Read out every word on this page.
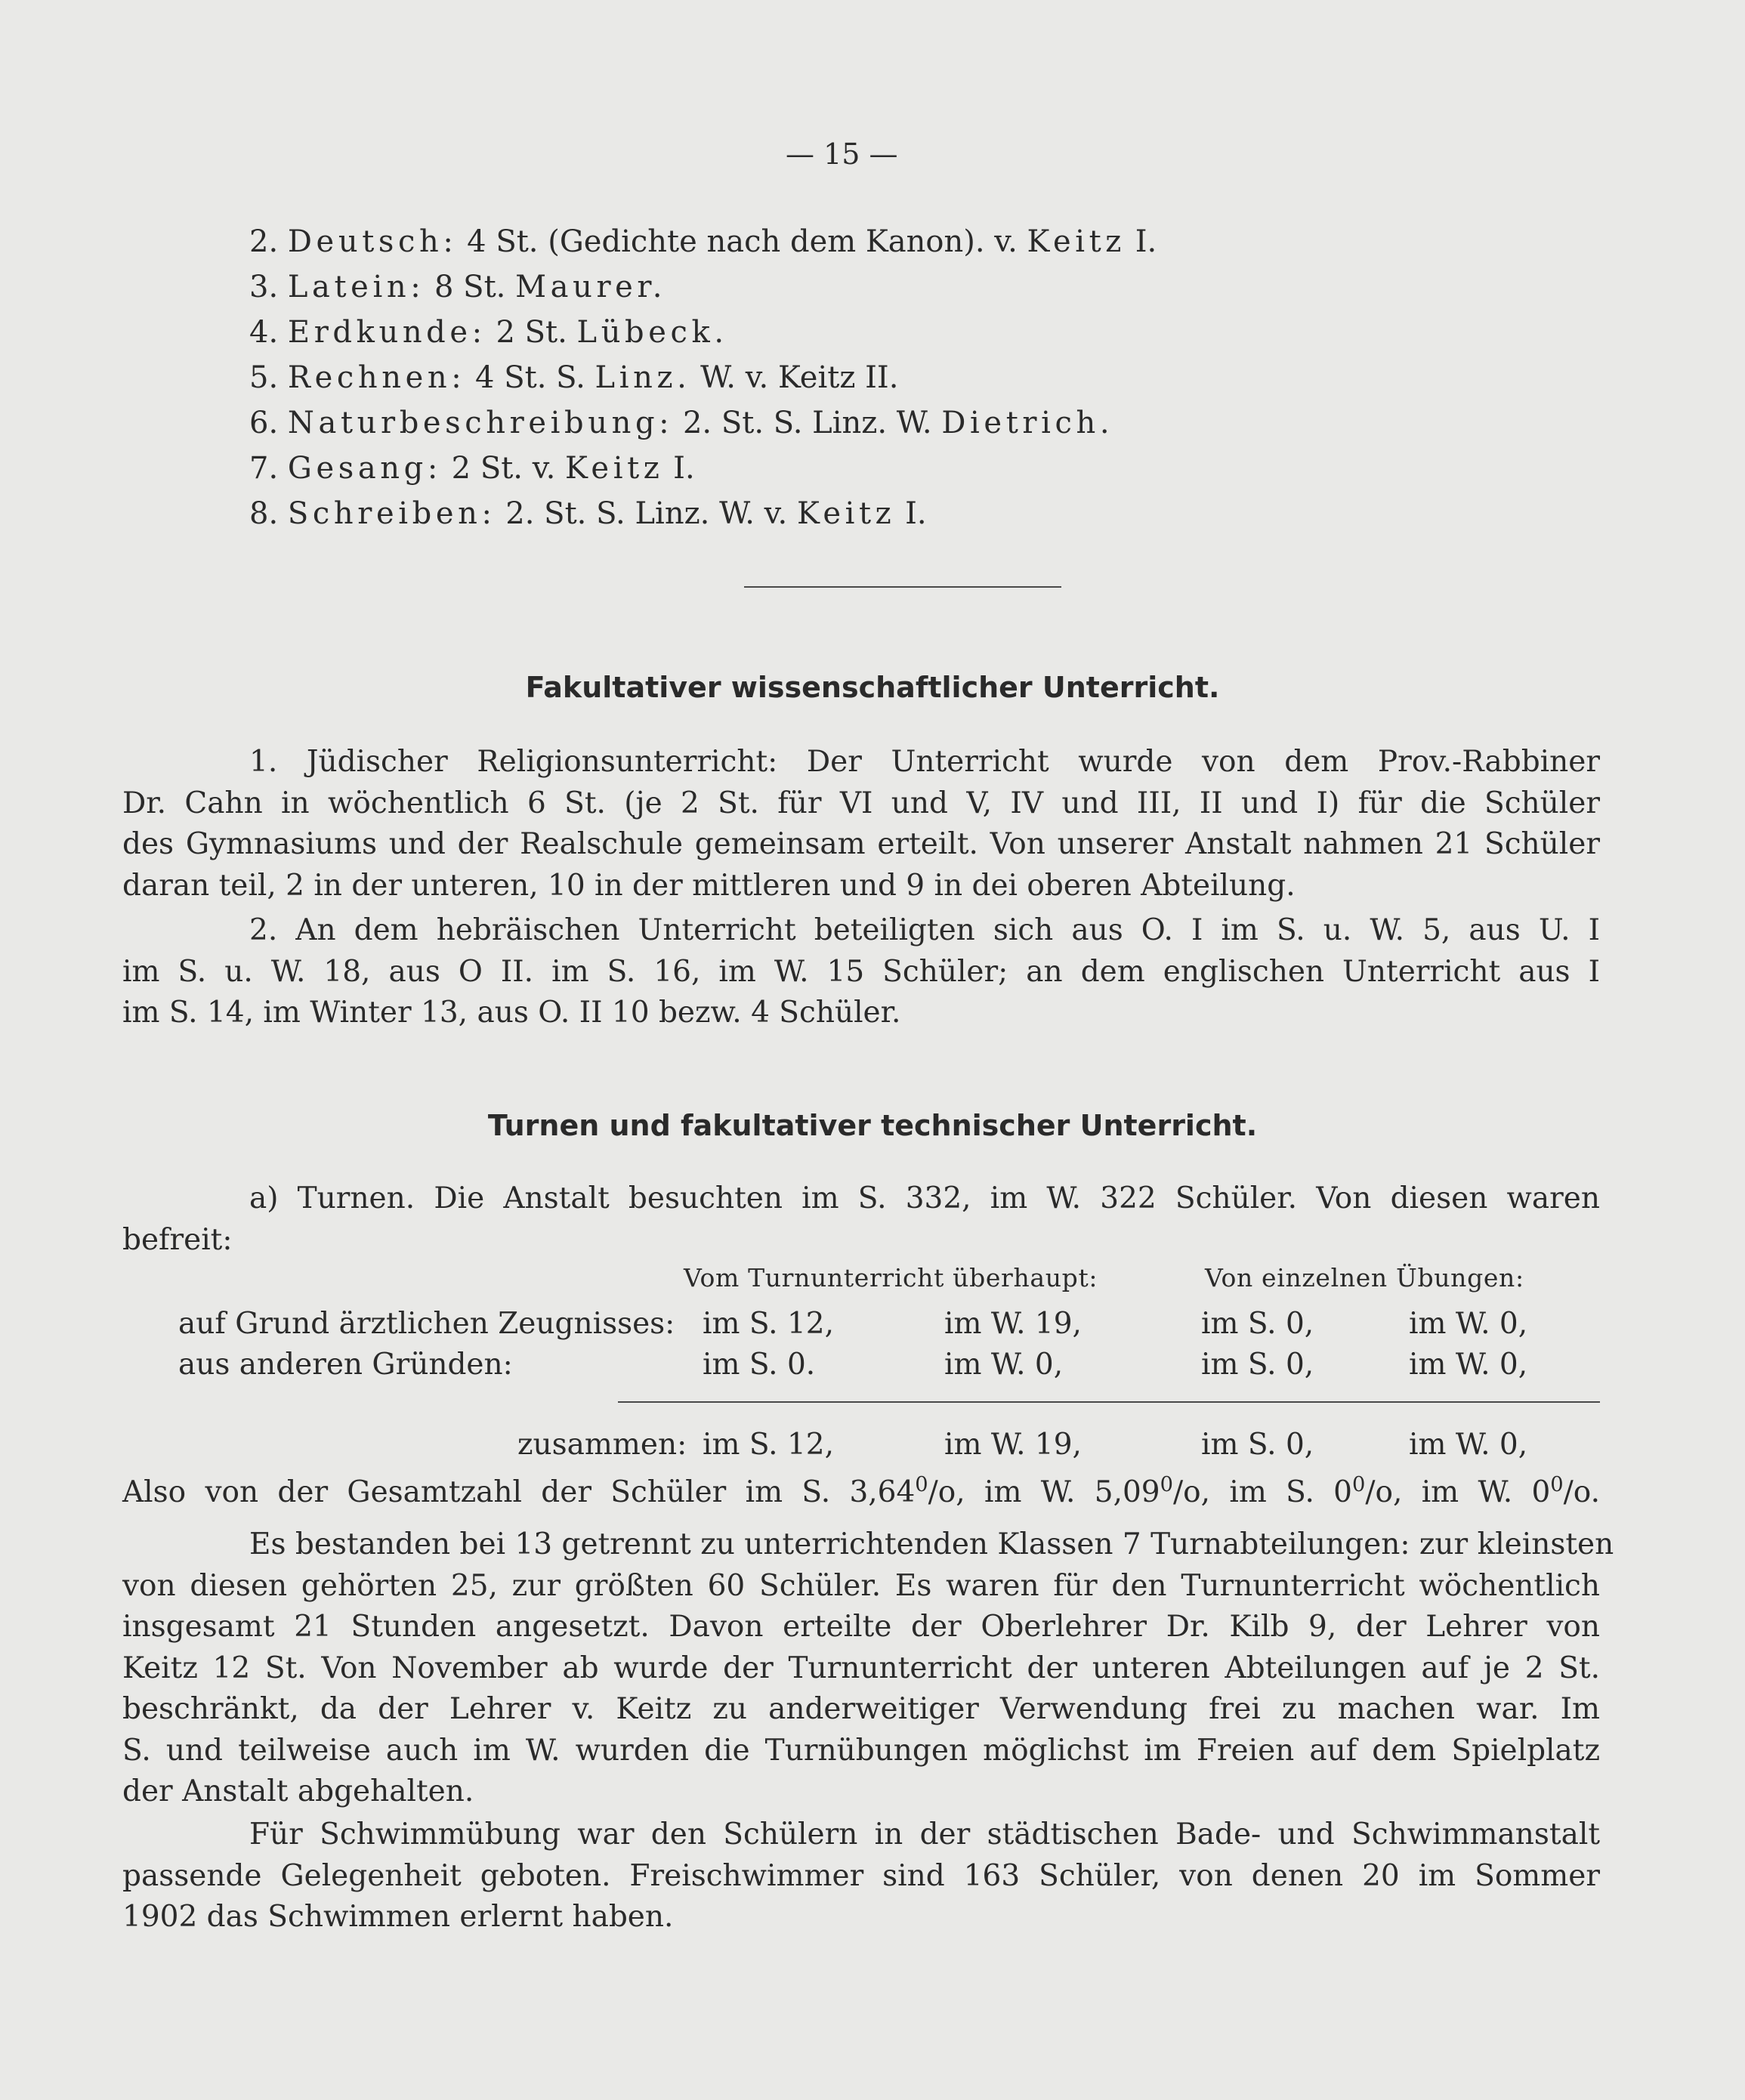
— 15 —
2. Deutsch: 4 St. (Gedichte nach dem Kanon). v. Keitz I.
3. Latein: 8 St. Maurer.
4. Erdkunde: 2 St. Lübeck.
5. Rechnen: 4 St. S. Linz. W. v. Keitz II.
6. Naturbeschreibung: 2. St. S. Linz. W. Dietrich.
7. Gesang: 2 St. v. Keitz I.
8. Schreiben: 2. St. S. Linz. W. v. Keitz I.
Fakultativer wissenschaftlicher Unterricht.
1. Jüdischer Religionsunterricht: Der Unterricht wurde von dem Prov.-Rabbiner
Dr. Cahn in wöchentlich 6 St. (je 2 St. für VI und V, IV und III, II und I) für die Schüler
des Gymnasiums und der Realschule gemeinsam erteilt. Von unserer Anstalt nahmen 21 Schüler
daran teil, 2 in der unteren, 10 in der mittleren und 9 in dei oberen Abteilung.
2. An dem hebräischen Unterricht beteiligten sich aus O. I im S. u. W. 5, aus U. I
im S. u. W. 18, aus O II. im S. 16, im W. 15 Schüler; an dem englischen Unterricht aus I
im S. 14, im Winter 13, aus O. II 10 bezw. 4 Schüler.
Turnen und fakultativer technischer Unterricht.
a) Turnen. Die Anstalt besuchten im S. 332, im W. 322 Schüler. Von diesen waren
befreit:
Vom Turnunterricht überhaupt:	Von einzelnen Übungen:
auf Grund ärztlichen Zeugnisses: im S. 12,	im W. 19,	im S. 0,	im W. 0,
aus anderen Gründen:	im S. 0.	im W. 0,	im S. 0,	im W. 0,
zusammen: im S. 12,	im W. 19,	im S. 0,	im W. 0,
Also von der Gesamtzahl der Schüler im S. 3,64$^0$/o, im W. 5,09$^0$/o, im S. $0^0/o$, im W. $0^0/o$.
Es bestanden bei 13 getrennt zu unterrichtenden Klassen 7 Turnabteilungen: zur kleinsten
von diesen gehörten 25, zur größten 60 Schüler. Es waren für den Turnunterricht wöchentlich
insgesamt 21 Stunden angesetzt. Davon erteilte der Oberlehrer Dr. Kilb 9, der Lehrer von
Keitz 12 St. Von November ab wurde der Turnunterricht der unteren Abteilungen auf je 2 St.
beschränkt, da der Lehrer v. Keitz zu anderweitiger Verwendung frei zu machen war. Im
S. und teilweise auch im W. wurden die Turnübungen möglichst im Freien auf dem Spielplatz
der Anstalt abgehalten.
Für Schwimmübung war den Schülern in der städtischen Bade- und Schwimmanstalt
passende Gelegenheit geboten. Freischwimmer sind 163 Schüler, von denen 20 im Sommer
1902 das Schwimmen erlernt haben.
